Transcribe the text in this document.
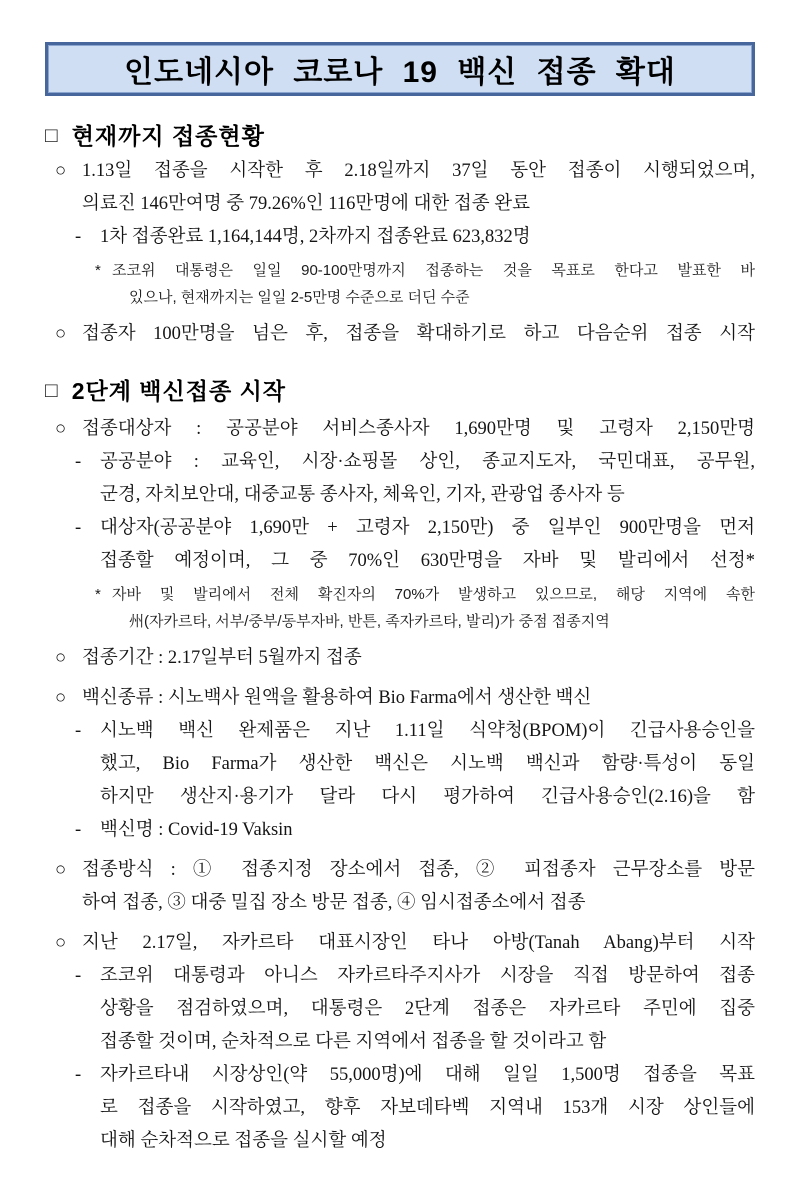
인도네시아 코로나 19 백신 접종 확대
□ 현재까지 접종현황
○ 1.13일 접종을 시작한 후 2.18일까지 37일 동안 접종이 시행되었으며,
의료진 146만여명 중 79.26%인 116만명에 대한 접종 완료
-	1차 접종완료 1,164,144명, 2차까지 접종완료 623,832명
* 조코위 대통령은 일일 90-100만명까지 접종하는 것을 목표로 한다고 발표한 바
있으나, 현재까지는 일일 2-5만명 수준으로 더딘 수준
○ 접종자 100만명을 넘은 후, 접종을 확대하기로 하고 다음순위 접종 시작
□ 2단계 백신접종 시작
○ 접종대상자 : 공공분야 서비스종사자 1,690만명 및 고령자 2,150만명
-	공공분야 : 교육인, 시장·쇼핑몰 상인, 종교지도자, 국민대표, 공무원,
군경, 자치보안대, 대중교통 종사자, 체육인, 기자, 관광업 종사자 등
-	대상자(공공분야 1,690만 + 고령자 2,150만) 중 일부인 900만명을 먼저
접종할 예정이며, 그 중 70%인 630만명을 자바 및 발리에서 선정*
* 자바 및 발리에서 전체 확진자의 70%가 발생하고 있으므로, 해당 지역에 속한
州(자카르타, 서부/중부/동부자바, 반튼, 족자카르타, 발리)가 중점 접종지역
○ 접종기간 : 2.17일부터 5월까지 접종
○ 백신종류 : 시노백사 원액을 활용하여 Bio Farma에서 생산한 백신
-	시노백 백신 완제품은 지난 1.11일 식약청(BPOM)이 긴급사용승인을
했고, Bio Farma가 생산한 백신은 시노백 백신과 함량·특성이 동일
하지만 생산지·용기가 달라 다시 평가하여 긴급사용승인(2.16)을 함
-	백신명 : Covid-19 Vaksin
○ 접종방식 : ① 접종지정 장소에서 접종, ② 피접종자 근무장소를 방문
하여 접종, ③ 대중 밀집 장소 방문 접종, ④ 임시접종소에서 접종
○ 지난 2.17일, 자카르타 대표시장인 타나 아방(Tanah Abang)부터 시작
-	조코위 대통령과 아니스 자카르타주지사가 시장을 직접 방문하여 접종
상황을 점검하였으며, 대통령은 2단계 접종은 자카르타 주민에 집중
접종할 것이며, 순차적으로 다른 지역에서 접종을 할 것이라고 함
-	자카르타내 시장상인(약 55,000명)에 대해 일일 1,500명 접종을 목표
로 접종을 시작하였고, 향후 자보데타벡 지역내 153개 시장 상인들에
대해 순차적으로 접종을 실시할 예정
